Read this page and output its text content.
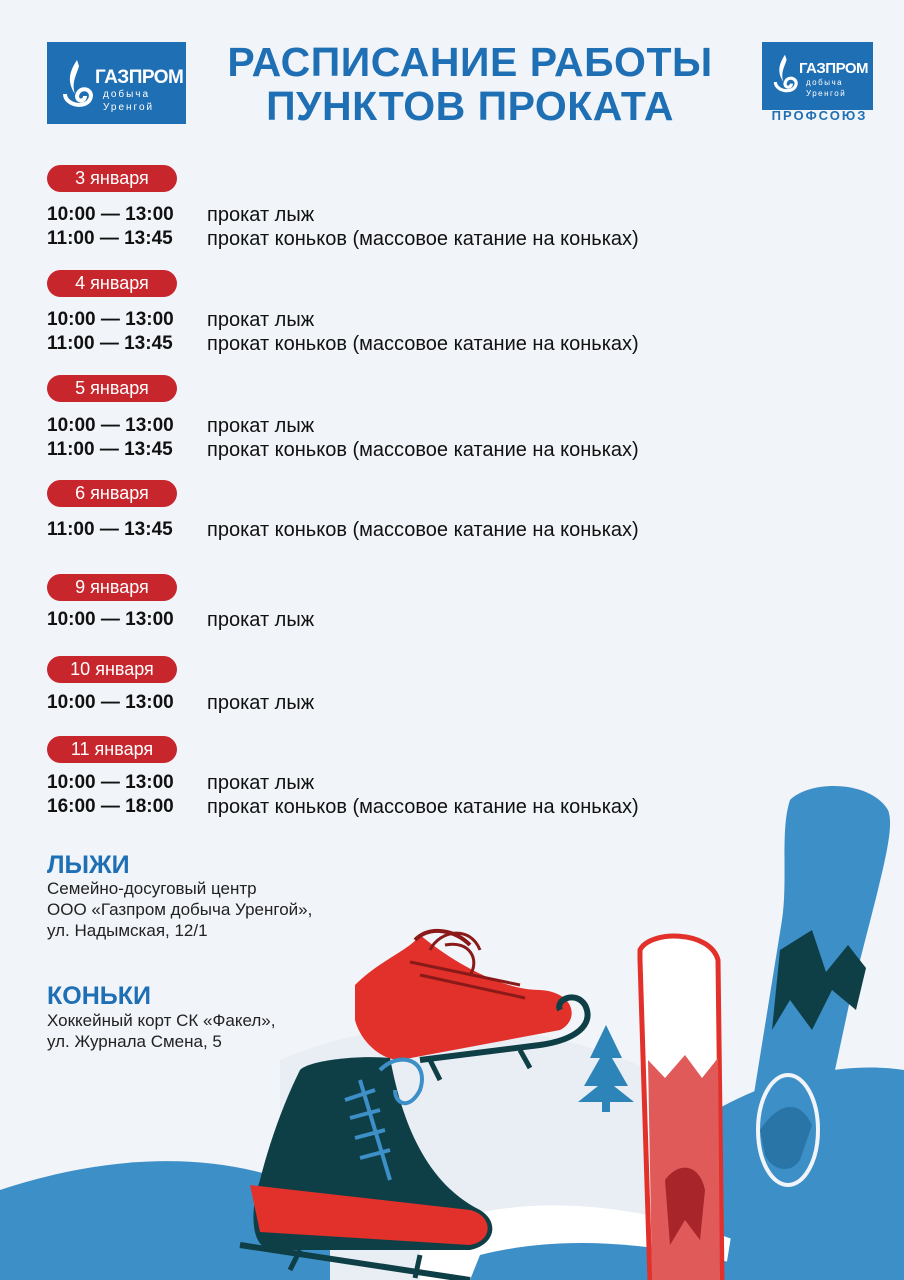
ГАЗПРОМ
добыча
Уренгой
ГАЗПРОМ
добыча
Уренгой
ПРОФСОЮЗ
РАСПИСАНИЕ РАБОТЫ
ПУНКТОВ ПРОКАТА
3 января
10:00 — 13:00 прокат лыж
11:00 — 13:45 прокат коньков (массовое катание на коньках)
4 января
10:00 — 13:00 прокат лыж
11:00 — 13:45 прокат коньков (массовое катание на коньках)
5 января
10:00 — 13:00 прокат лыж
11:00 — 13:45 прокат коньков (массовое катание на коньках)
6 января
11:00 — 13:45 прокат коньков (массовое катание на коньках)
9 января
10:00 — 13:00 прокат лыж
10 января
10:00 — 13:00 прокат лыж
11 января
10:00 — 13:00 прокат лыж
16:00 — 18:00 прокат коньков (массовое катание на коньках)
ЛЫЖИ
Семейно-досуговый центр
ООО «Газпром добыча Уренгой»,
ул. Надымская, 12/1
КОНЬКИ
Хоккейный корт СК «Факел»,
ул. Журнала Смена, 5
